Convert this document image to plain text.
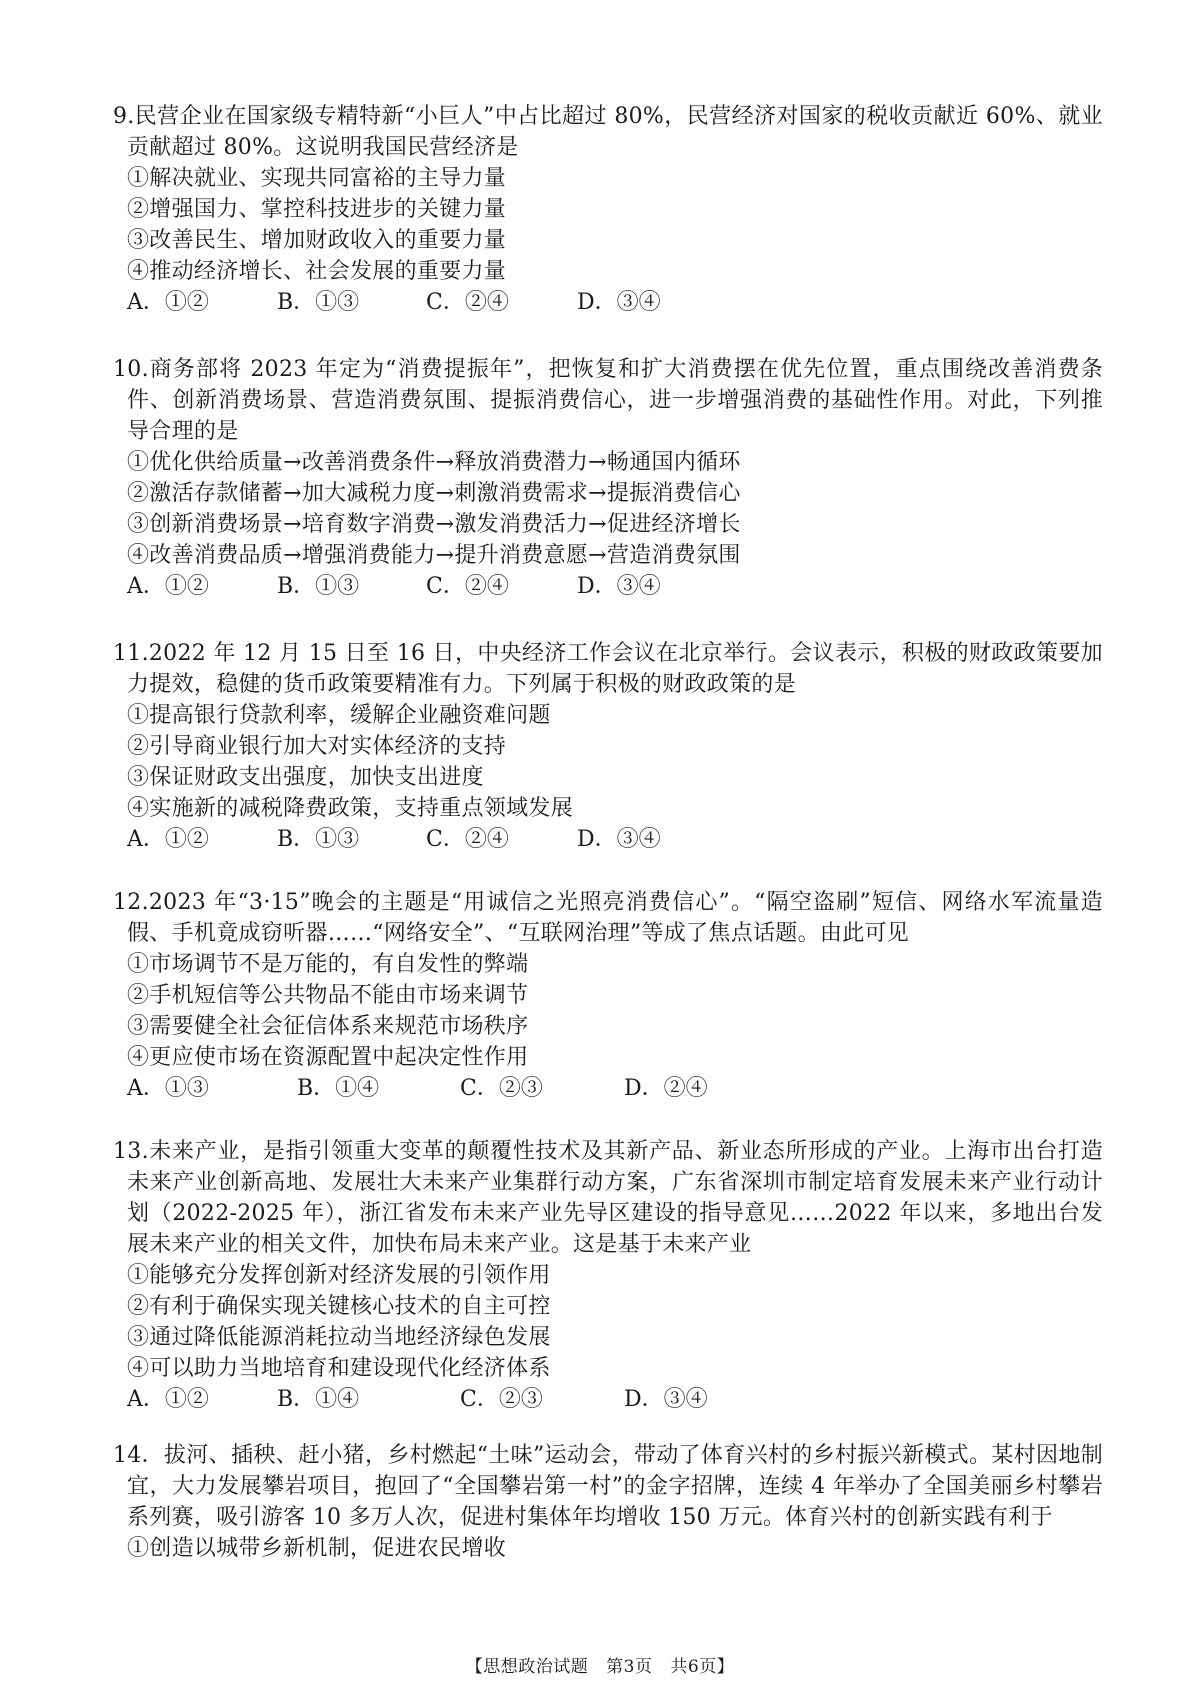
9.民营企业在国家级专精特新“小巨人”中占比超过 80%，民营经济对国家的税收贡献近 60%、就业贡献超过 80%。这说明我国民营经济是

①解决就业、实现共同富裕的主导力量

②增强国力、掌控科技进步的关键力量

③改善民生、增加财政收入的重要力量

④推动经济增长、社会发展的重要力量

A．①②	B．①③	C．②④	D．③④

10.商务部将 2023 年定为“消费提振年”，把恢复和扩大消费摆在优先位置，重点围绕改善消费条件、创新消费场景、营造消费氛围、提振消费信心，进一步增强消费的基础性作用。对此，下列推导合理的是

①优化供给质量→改善消费条件→释放消费潜力→畅通国内循环

②激活存款储蓄→加大减税力度→刺激消费需求→提振消费信心

③创新消费场景→培育数字消费→激发消费活力→促进经济增长

④改善消费品质→增强消费能力→提升消费意愿→营造消费氛围

A．①②	B．①③	C．②④	D．③④

11.2022 年 12 月 15 日至 16 日，中央经济工作会议在北京举行。会议表示，积极的财政政策要加力提效，稳健的货币政策要精准有力。下列属于积极的财政政策的是

①提高银行贷款利率，缓解企业融资难问题

②引导商业银行加大对实体经济的支持

③保证财政支出强度，加快支出进度

④实施新的减税降费政策，支持重点领域发展

A．①②	B．①③	C．②④	D．③④

12.2023 年“3·15”晚会的主题是“用诚信之光照亮消费信心”。“隔空盗刷”短信、网络水军流量造假、手机竟成窃听器……“网络安全”、“互联网治理”等成了焦点话题。由此可见

①市场调节不是万能的，有自发性的弊端

②手机短信等公共物品不能由市场来调节

③需要健全社会征信体系来规范市场秩序

④更应使市场在资源配置中起决定性作用

A．①③	B．①④	C．②③	D．②④

13.未来产业，是指引领重大变革的颠覆性技术及其新产品、新业态所形成的产业。上海市出台打造未来产业创新高地、发展壮大未来产业集群行动方案，广东省深圳市制定培育发展未来产业行动计划（2022-2025 年），浙江省发布未来产业先导区建设的指导意见……2022 年以来，多地出台发展未来产业的相关文件，加快布局未来产业。这是基于未来产业

①能够充分发挥创新对经济发展的引领作用

②有利于确保实现关键核心技术的自主可控

③通过降低能源消耗拉动当地经济绿色发展

④可以助力当地培育和建设现代化经济体系

A．①②	B．①④	C．②③	D．③④

14．拔河、插秧、赶小猪，乡村燃起“土味”运动会，带动了体育兴村的乡村振兴新模式。某村因地制宜，大力发展攀岩项目，抱回了“全国攀岩第一村”的金字招牌，连续 4 年举办了全国美丽乡村攀岩系列赛，吸引游客 10 多万人次，促进村集体年均增收 150 万元。体育兴村的创新实践有利于

①创造以城带乡新机制，促进农民增收

【思想政治试题 第3页 共6页】
